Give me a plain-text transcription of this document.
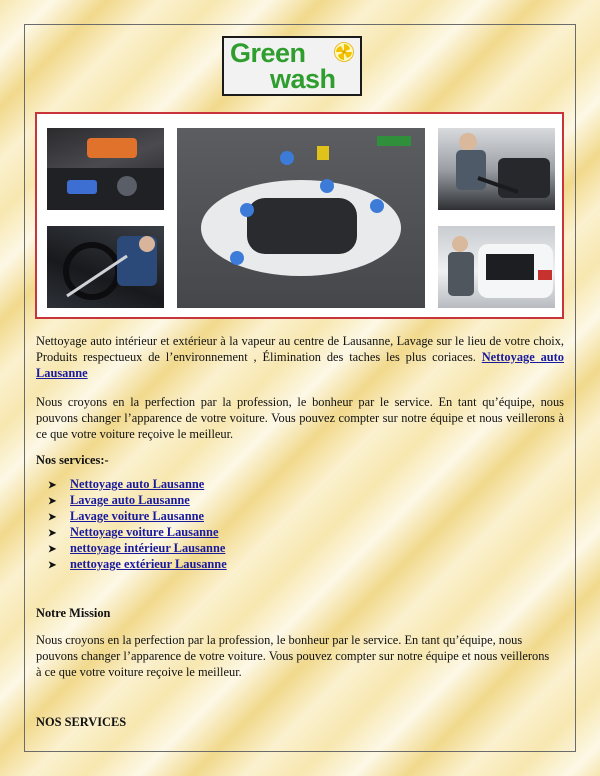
Green
wash

Nettoyage auto intérieur et extérieur à la vapeur au centre de Lausanne, Lavage sur le lieu de votre choix, Produits respectueux de l’environnement , Élimination des taches les plus coriaces. Nettoyage auto Lausanne

Nous croyons en la perfection par la profession, le bonheur par le service. En tant qu’équipe, nous pouvons changer l’apparence de votre voiture. Vous pouvez compter sur notre équipe et nous veillerons à ce que votre voiture reçoive le meilleur.

Nos services:-

➤ Nettoyage auto Lausanne
➤ Lavage auto Lausanne
➤ Lavage voiture Lausanne
➤ Nettoyage voiture Lausanne
➤ nettoyage intérieur Lausanne
➤ nettoyage extérieur Lausanne

Notre Mission

Nous croyons en la perfection par la profession, le bonheur par le service. En tant qu’équipe, nous pouvons changer l’apparence de votre voiture. Vous pouvez compter sur notre équipe et nous veillerons à ce que votre voiture reçoive le meilleur.

NOS SERVICES
